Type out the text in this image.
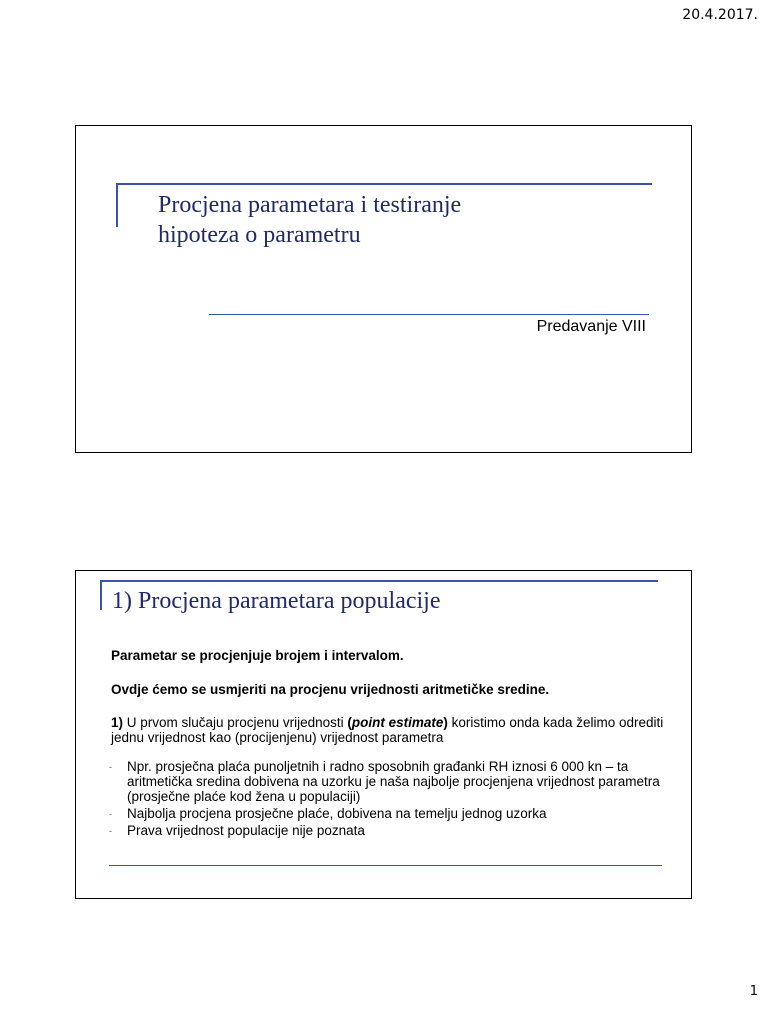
20.4.2017.
Procjena parametara i testiranje
hipoteza o parametru
Predavanje VIII
1) Procjena parametara populacije

Parametar se procjenjuje brojem i intervalom.

Ovdje ćemo se usmjeriti na procjenu vrijednosti aritmetičke sredine.

1) U prvom slučaju procjenu vrijednosti (point estimate) koristimo onda kada želimo odrediti jednu vrijednost kao (procijenjenu) vrijednost parametra

- Npr. prosječna plaća punoljetnih i radno sposobnih građanki RH iznosi 6 000 kn – ta aritmetička sredina dobivena na uzorku je naša najbolje procjenjena vrijednost parametra (prosječne plaće kod žena u populaciji)
- Najbolja procjena prosječne plaće, dobivena na temelju jednog uzorka
- Prava vrijednost populacije nije poznata
1
